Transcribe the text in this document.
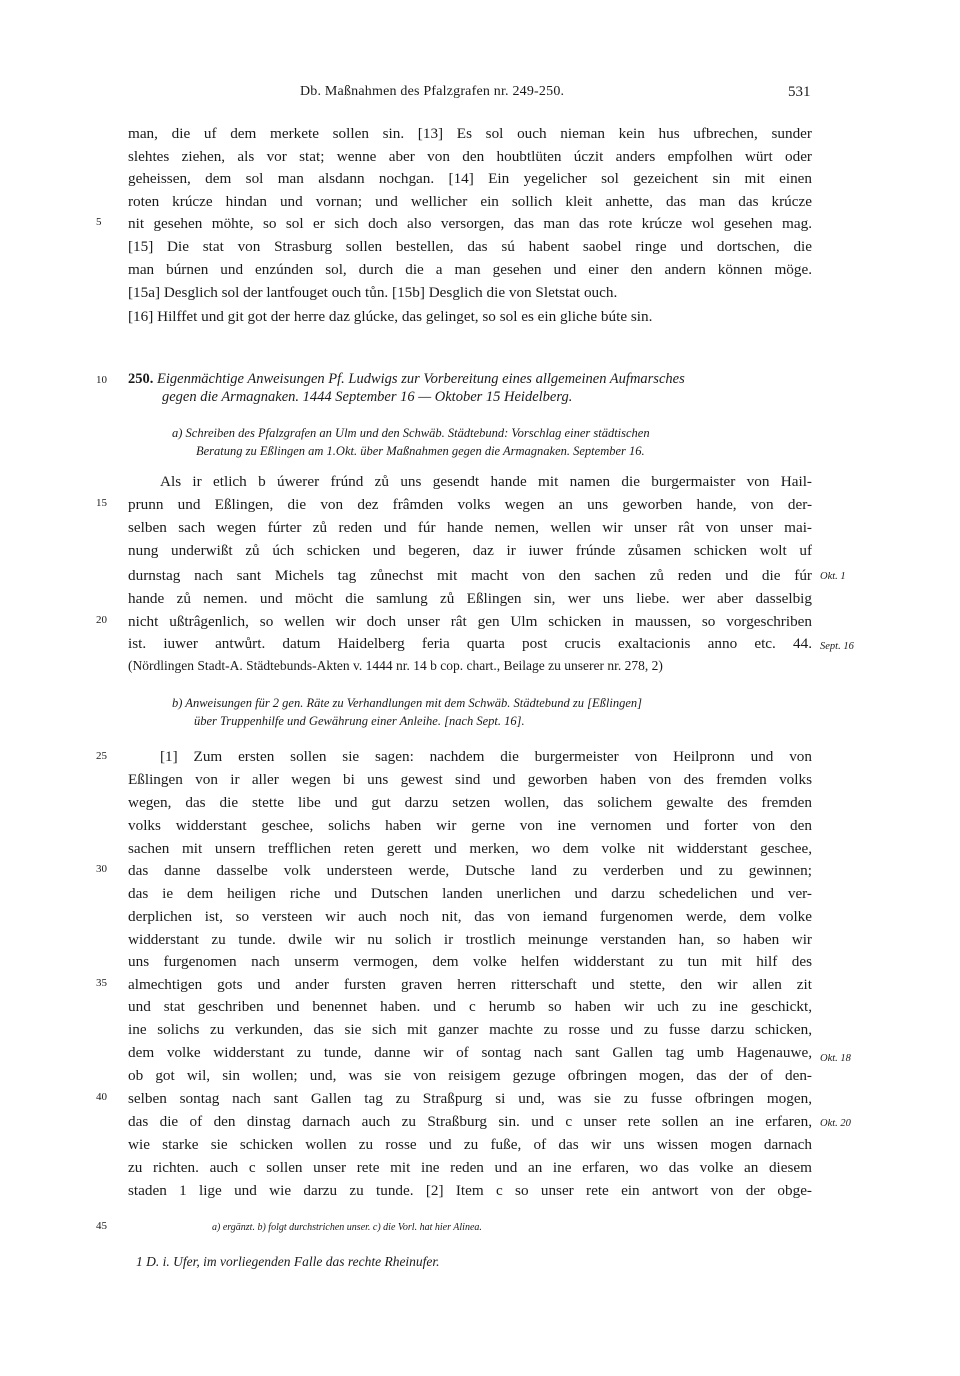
Db. Maßnahmen des Pfalzgrafen nr. 249-250.	531
man, die uf dem merkete sollen sin. [13] Es sol ouch nieman kein hus ufbrechen, sunder
slehtes ziehen, als vor stat; wenne aber von den houbtlüten úczit anders empfolhen würt oder
geheissen, dem sol man alsdann nochgan. [14] Ein yegelicher sol gezeichent sin mit einen
roten krúcze hindan und vornan; und wellicher ein sollich kleit anhette, das man das krúcze
5	nit gesehen möhte, so sol er sich doch also versorgen, das man das rote krúcze wol gesehen mag.
[15] Die stat von Strasburg sollen bestellen, das sú habent saobel ringe und dortschen, die
man búrnen und enzúnden sol, durch die a man gesehen und einer den andern können möge.
[15a] Desglich sol der lantfouget ouch tůn. [15b] Desglich die von Sletstat ouch.
[16] Hilffet und git got der herre daz glúcke, das gelinget, so sol es ein gliche búte sin.
10	250. Eigenmächtige Anweisungen Pf. Ludwigs zur Vorbereitung eines allgemeinen Aufmarsches
gegen die Armagnaken. 1444 September 16 — Oktober 15 Heidelberg.
a) Schreiben des Pfalzgrafen an Ulm und den Schwäb. Städtebund: Vorschlag einer städtischen
Beratung zu Eßlingen am 1.Okt. über Maßnahmen gegen die Armagnaken. September 16.
Als ir etlich b úwerer frúnd zů uns gesendt hande mit namen die burgermaister von Hail-
15	prunn und Eßlingen, die von dez frâmden volks wegen an uns geworben hande, von der-
selben sach wegen fúrter zů reden und fúr hande nemen, wellen wir unser rât von unser mai-
nung underwißt zů úch schicken und begeren, daz ir iuwer frúnde zůsamen schicken wolt uf
durnstag nach sant Michels tag zůnechst mit macht von den sachen zů reden und die fúr Okt. 1
hande zů nemen. und möcht die samlung zů Eßlingen sin, wer uns liebe. wer aber dasselbig
20	nicht ußtrâgenlich, so wellen wir doch unser rât gen Ulm schicken in maussen, so vorgeschriben
ist. iuwer antwůrt. datum Haidelberg feria quarta post crucis exaltacionis anno etc. 44. Sept. 16
(Nördlingen Stadt-A. Städtebunds-Akten v. 1444 nr. 14 b cop. chart., Beilage zu unserer nr. 278, 2)
b) Anweisungen für 2 gen. Räte zu Verhandlungen mit dem Schwäb. Städtebund zu [Eßlingen]
über Truppenhilfe und Gewährung einer Anleihe. [nach Sept. 16].
25	[1] Zum ersten sollen sie sagen: nachdem die burgermeister von Heilpronn und von
Eßlingen von ir aller wegen bi uns gewest sind und geworben haben von des fremden volks
wegen, das die stette libe und gut darzu setzen wollen, das solichem gewalte des fremden
volks widderstant geschee, solichs haben wir gerne von ine vernomen und forter von den
sachen mit unsern trefflichen reten gerett und merken, wo dem volke nit widderstant geschee,
30	das danne dasselbe volk understeen werde, Dutsche land zu verderben und zu gewinnen;
das ie dem heiligen riche und Dutschen landen unerlichen und darzu schedelichen und ver-
derplichen ist, so versteen wir auch noch nit, das von iemand furgenomen werde, dem volke
widderstant zu tunde. dwile wir nu solich ir trostlich meinunge verstanden han, so haben wir
uns furgenomen nach unserm vermogen, dem volke helfen widderstant zu tun mit hilf des
35	almechtigen gots und ander fursten graven herren ritterschaft und stette, den wir allen zit
und stat geschriben und benennet haben. und c herumb so haben wir uch zu ine geschickt,
ine solichs zu verkunden, das sie sich mit ganzer machte zu rosse und zu fusse darzu schicken,
dem volke widderstant zu tunde, danne wir of sontag nach sant Gallen tag umb Hagenauwe, Okt. 18
ob got wil, sin wollen; und, was sie von reisigem gezuge ofbringen mogen, das der of den-
40	selben sontag nach sant Gallen tag zu Straßpurg si und, was sie zu fusse ofbringen mogen,
das die of den dinstag darnach auch zu Straßburg sin. und c unser rete sollen an ine erfaren, Okt. 20
wie starke sie schicken wollen zu rosse und zu fuße, of das wir uns wissen mogen darnach
zu richten. auch c sollen unser rete mit ine reden und an ine erfaren, wo das volke an diesem
staden 1 lige und wie darzu zu tunde. [2] Item c so unser rete ein antwort von der obge-
45	a) ergänzt. b) folgt durchstrichen unser. c) die Vorl. hat hier Alinea.
1 D. i. Ufer, im vorliegenden Falle das rechte Rheinufer.
